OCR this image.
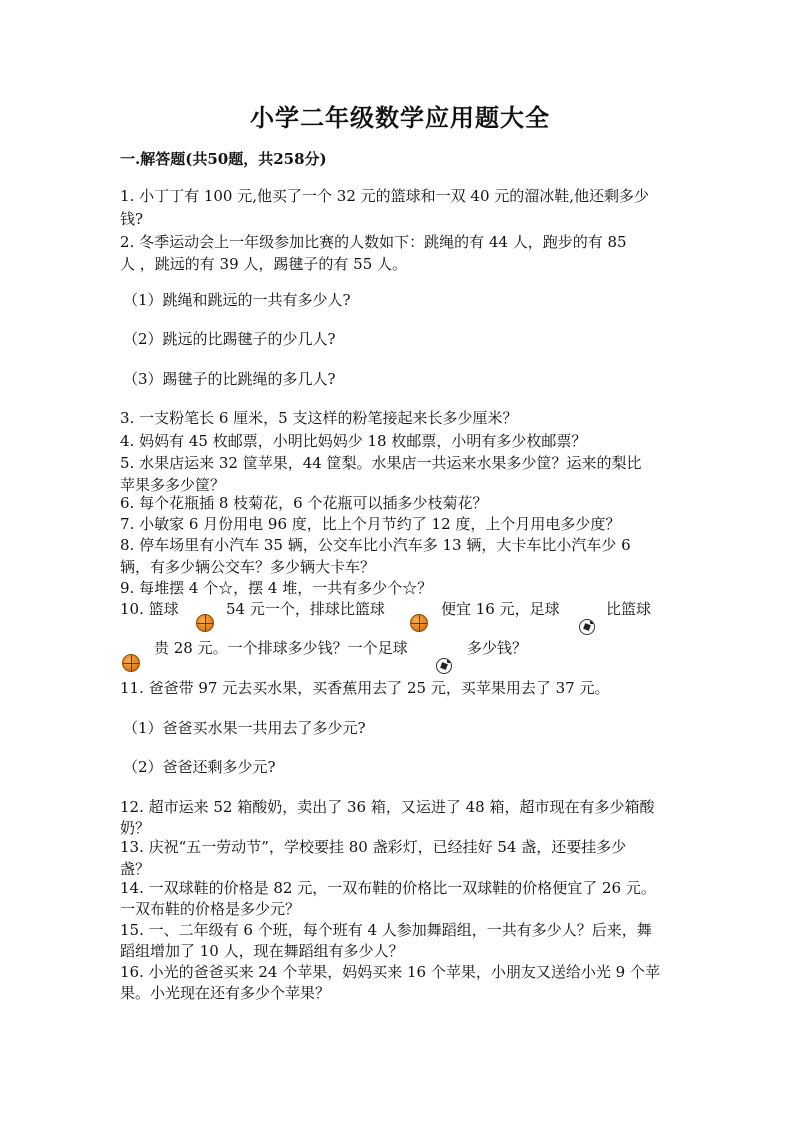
小学二年级数学应用题大全
一.解答题(共50题，共258分)
1. 小丁丁有 100 元,他买了一个 32 元的篮球和一双 40 元的溜冰鞋,他还剩多少
钱?
2. 冬季运动会上一年级参加比赛的人数如下：跳绳的有 44 人，跑步的有 85
人 ，跳远的有 39 人，踢毽子的有 55 人。
（1）跳绳和跳远的一共有多少人?
（2）跳远的比踢毽子的少几人?
（3）踢毽子的比跳绳的多几人?
3. 一支粉笔长 6 厘米，5 支这样的粉笔接起来长多少厘米？
4. 妈妈有 45 枚邮票，小明比妈妈少 18 枚邮票，小明有多少枚邮票？
5. 水果店运来 32 筐苹果，44 筐梨。水果店一共运来水果多少筐？运来的梨比
苹果多多少筐？
6. 每个花瓶插 8 枝菊花，6 个花瓶可以插多少枝菊花？
7. 小敏家 6 月份用电 96 度，比上个月节约了 12 度，上个月用电多少度？
8. 停车场里有小汽车 35 辆，公交车比小汽车多 13 辆，大卡车比小汽车少 6
辆，有多少辆公交车？多少辆大卡车？
9. 每堆摆 4 个☆，摆 4 堆，一共有多少个☆？
10. 篮球	54 元一个，排球比篮球	便宜 16 元，足球	比篮球
贵 28 元。一个排球多少钱？一个足球	多少钱？
11. 爸爸带 97 元去买水果，买香蕉用去了 25 元，买苹果用去了 37 元。
（1）爸爸买水果一共用去了多少元?
（2）爸爸还剩多少元?
12. 超市运来 52 箱酸奶，卖出了 36 箱，又运进了 48 箱，超市现在有多少箱酸
奶？
13. 庆祝“五一劳动节”，学校要挂 80 盏彩灯，已经挂好 54 盏，还要挂多少
盏？
14. 一双球鞋的价格是 82 元，一双布鞋的价格比一双球鞋的价格便宜了 26 元。
一双布鞋的价格是多少元？
15. 一、二年级有 6 个班，每个班有 4 人参加舞蹈组，一共有多少人？后来，舞
蹈组增加了 10 人，现在舞蹈组有多少人？
16. 小光的爸爸买来 24 个苹果，妈妈买来 16 个苹果，小朋友又送给小光 9 个苹
果。小光现在还有多少个苹果？
